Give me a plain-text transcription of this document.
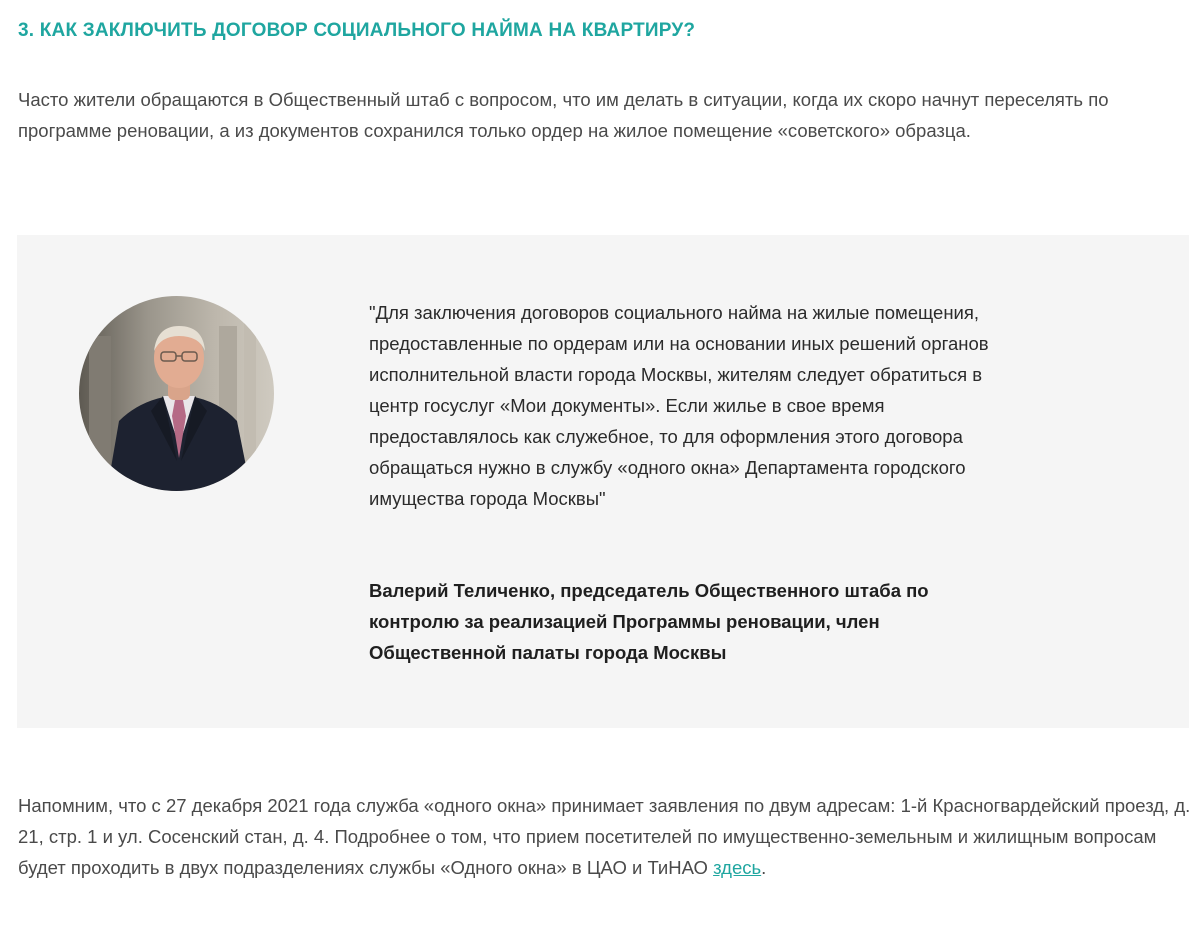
3. КАК ЗАКЛЮЧИТЬ ДОГОВОР СОЦИАЛЬНОГО НАЙМА НА КВАРТИРУ?

Часто жители обращаются в Общественный штаб с вопросом, что им делать в ситуации, когда их скоро начнут переселять по программе реновации, а из документов сохранился только ордер на жилое помещение «советского» образца.

"Для заключения договоров социального найма на жилые помещения, предоставленные по ордерам или на основании иных решений органов исполнительной власти города Москвы, жителям следует обратиться в центр госуслуг «Мои документы». Если жилье в свое время предоставлялось как служебное, то для оформления этого договора обращаться нужно в службу «одного окна» Департамента городского имущества города Москвы"

Валерий Теличенко, председатель Общественного штаба по контролю за реализацией Программы реновации, член Общественной палаты города Москвы

Напомним, что с 27 декабря 2021 года служба «одного окна» принимает заявления по двум адресам: 1-й Красногвардейский проезд, д. 21, стр. 1 и ул. Сосенский стан, д. 4. Подробнее о том, что прием посетителей по имущественно-земельным и жилищным вопросам будет проходить в двух подразделениях службы «Одного окна» в ЦАО и ТиНАО здесь.
